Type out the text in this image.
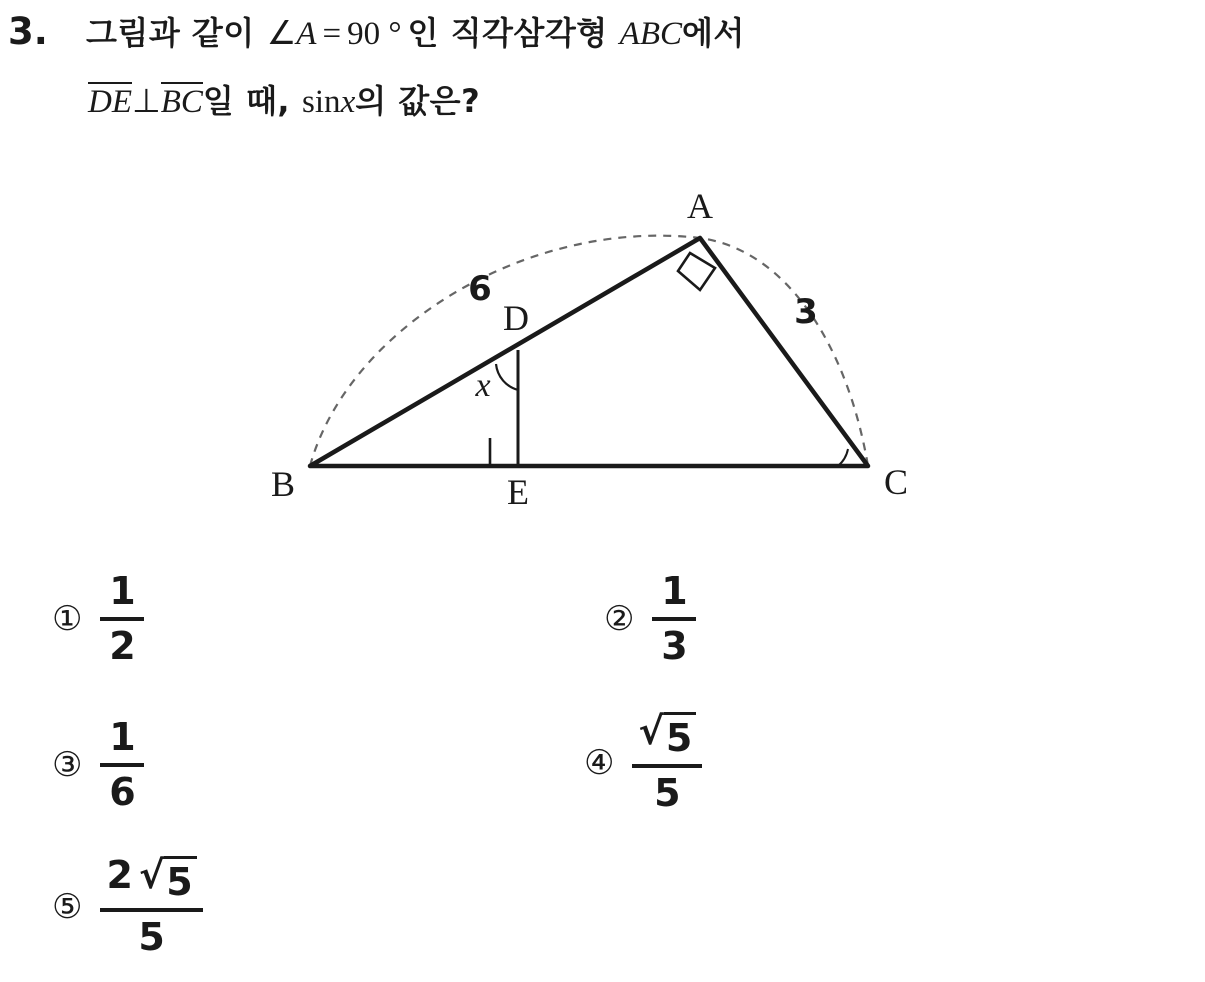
3.	그림과 같이 ∠ A = 90 ° 인 직각삼각형 ABC 에서
DE ⊥ BC 일 때, sin x 의 값은?
A
B	C
D
E
x
6
3
① $\frac{1}{2}$	② $\frac{1}{3}$
③ $\frac{1}{6}$	④ $\frac{√ 5}{5}$
⑤ $\frac{2 √ 5}{5}$
